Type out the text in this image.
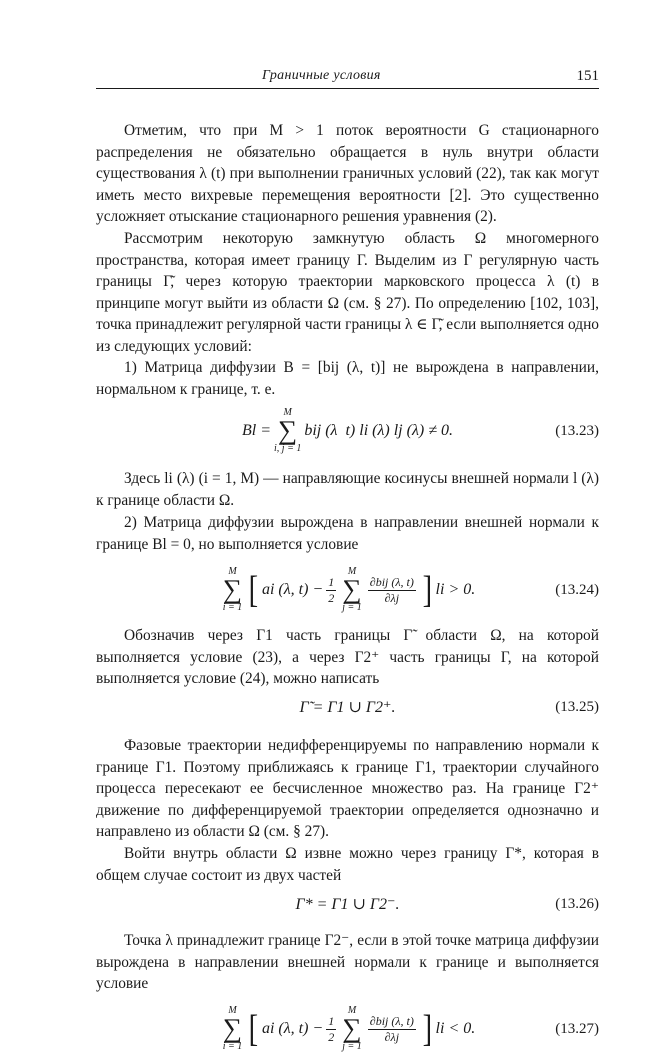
Граничные условия	151

Отметим, что при M > 1 поток вероятности G стационарного распределения не обязательно обращается в нуль внутри области существования λ (t) при выполнении граничных условий (22), так как могут иметь место вихревые перемещения вероятности [2]. Это существенно усложняет отыскание стационарного решения уравнения (2).

Рассмотрим некоторую замкнутую область Ω многомерного пространства, которая имеет границу Γ. Выделим из Γ регулярную часть границы Γ̃, через которую траектории марковского процесса λ (t) в принципе могут выйти из области Ω (см. § 27). По определению [102, 103], точка принадлежит регулярной части границы λ ∈ Γ̃, если выполняется одно из следующих условий:

1) Матрица диффузии B = [bij (λ, t)] не вырождена в направлении, нормальном к границе, т. е.

Bl =
M
∑
i, j = 1
bij (λ  t) li (λ) lj (λ) ≠ 0.	( 13.23 )

Здесь li (λ) (i = 1, M) — направляющие косинусы внешней нормали l (λ) к границе области Ω.

2) Матрица диффузии вырождена в направлении внешней нормали к границе Bl = 0, но выполняется условие

M
∑
i = 1 [ ai (λ, $t) - \frac{1}{2}$
M
∑
j = 1
$\frac{\text{∂bij (λ, t)}}{\partial\lambda j}$ ] li > 0.	( 13.24 )

Обозначив через Γ1 часть границы Γ̃ области Ω, на которой выполняется условие (23), а через Γ2⁺ часть границы Γ, на которой выполняется условие (24), можно написать

Γ̃ = Γ1 ∪ Γ2⁺.	( 13.25 )

Фазовые траектории недифференцируемы по направлению нормали к границе Γ1. Поэтому приближаясь к границе Γ1, траектории случайного процесса пересекают ее бесчисленное множество раз. На границе Γ2⁺ движение по дифференцируемой траектории определяется однозначно и направлено из области Ω (см. § 27).

Войти внутрь области Ω извне можно через границу Γ*, которая в общем случае состоит из двух частей

Γ* = Γ1 ∪ Γ2⁻.	( 13.26 )

Точка λ принадлежит границе Γ2⁻, если в этой точке матрица диффузии вырождена в направлении внешней нормали к границе и выполняется условие

M
∑
i = 1 [ ai (λ, $t) - \frac{1}{2}$
M
∑
j = 1
$\frac{\text{∂bij (λ, t)}}{\partial\lambda j}$ ] li < 0.	( 13.27 )
